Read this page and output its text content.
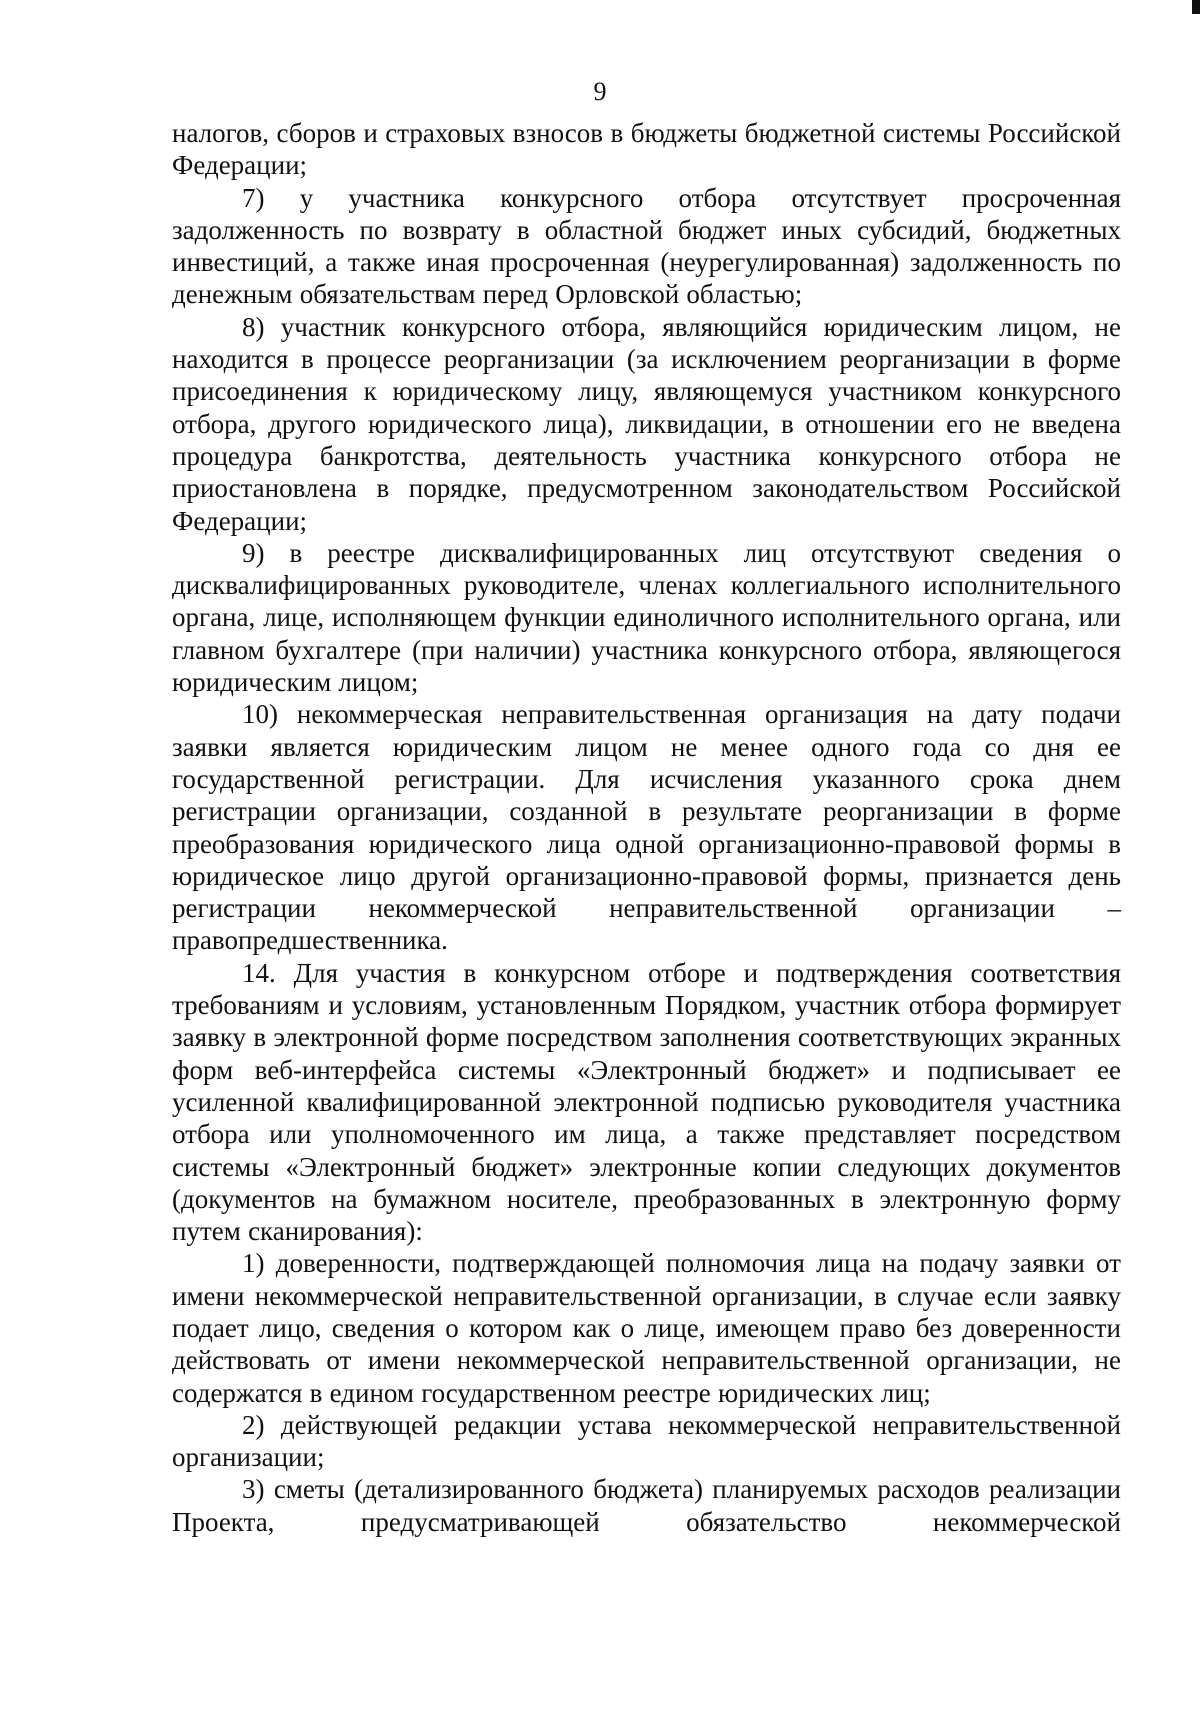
9

налогов, сборов и страховых взносов в бюджеты бюджетной системы Российской Федерации;

7) у участника конкурсного отбора отсутствует просроченная задолженность по возврату в областной бюджет иных субсидий, бюджетных инвестиций, а также иная просроченная (неурегулированная) задолженность по денежным обязательствам перед Орловской областью;

8) участник конкурсного отбора, являющийся юридическим лицом, не находится в процессе реорганизации (за исключением реорганизации в форме присоединения к юридическому лицу, являющемуся участником конкурсного отбора, другого юридического лица), ликвидации, в отношении его не введена процедура банкротства, деятельность участника конкурсного отбора не приостановлена в порядке, предусмотренном законодательством Российской Федерации;

9) в реестре дисквалифицированных лиц отсутствуют сведения о дисквалифицированных руководителе, членах коллегиального исполнительного органа, лице, исполняющем функции единоличного исполнительного органа, или главном бухгалтере (при наличии) участника конкурсного отбора, являющегося юридическим лицом;

10) некоммерческая неправительственная организация на дату подачи заявки является юридическим лицом не менее одного года со дня ее государственной регистрации. Для исчисления указанного срока днем регистрации организации, созданной в результате реорганизации в форме преобразования юридического лица одной организационно-правовой формы в юридическое лицо другой организационно-правовой формы, признается день регистрации некоммерческой неправительственной организации – правопредшественника.

14. Для участия в конкурсном отборе и подтверждения соответствия требованиям и условиям, установленным Порядком, участник отбора формирует заявку в электронной форме посредством заполнения соответствующих экранных форм веб-интерфейса системы «Электронный бюджет» и подписывает ее усиленной квалифицированной электронной подписью руководителя участника отбора или уполномоченного им лица, а также представляет посредством системы «Электронный бюджет» электронные копии следующих документов (документов на бумажном носителе, преобразованных в электронную форму путем сканирования):

1) доверенности, подтверждающей полномочия лица на подачу заявки от имени некоммерческой неправительственной организации, в случае если заявку подает лицо, сведения о котором как о лице, имеющем право без доверенности действовать от имени некоммерческой неправительственной организации, не содержатся в едином государственном реестре юридических лиц;

2) действующей редакции устава некоммерческой неправительственной организации;

3) сметы (детализированного бюджета) планируемых расходов реализации Проекта, предусматривающей обязательство некоммерческой
